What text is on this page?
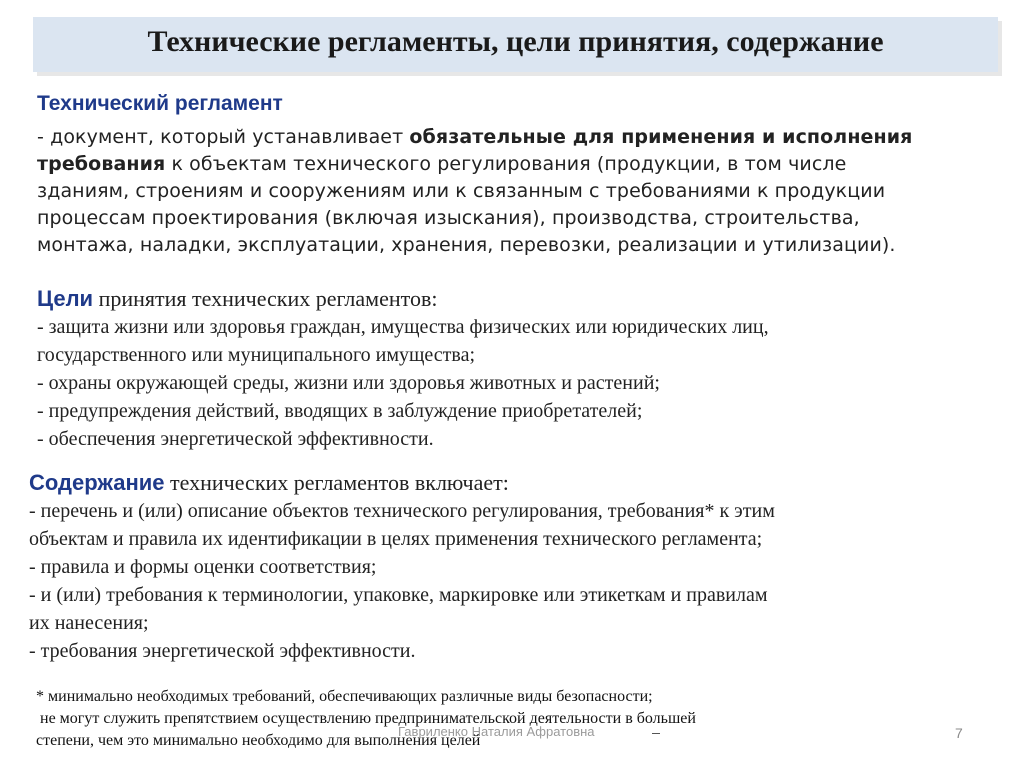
Технические регламенты, цели принятия, содержание
Технический регламент
- документ, который устанавливает обязательные для применения и исполнения
требования к объектам технического регулирования (продукции, в том числе
зданиям, строениям и сооружениям или к связанным с требованиями к продукции
процессам проектирования (включая изыскания), производства, строительства,
монтажа, наладки, эксплуатации, хранения, перевозки, реализации и утилизации).
Цели принятия технических регламентов:
- защита жизни или здоровья граждан, имущества физических или юридических лиц,
государственного или муниципального имущества;
- охраны окружающей среды, жизни или здоровья животных и растений;
- предупреждения действий, вводящих в заблуждение приобретателей;
- обеспечения энергетической эффективности.
Содержание технических регламентов включает:
- перечень и (или) описание объектов технического регулирования, требования* к этим
объектам и правила их идентификации в целях применения технического регламента;
- правила и формы оценки соответствия;
- и (или) требования к терминологии, упаковке, маркировке или этикеткам и правилам
их нанесения;
- требования энергетической эффективности.
* минимально необходимых требований, обеспечивающих различные виды безопасности;
не могут служить препятствием осуществлению предпринимательской деятельности в большей
степени, чем это минимально необходимо для выполнения целей
Гавриленко Наталия Афратовна	7
